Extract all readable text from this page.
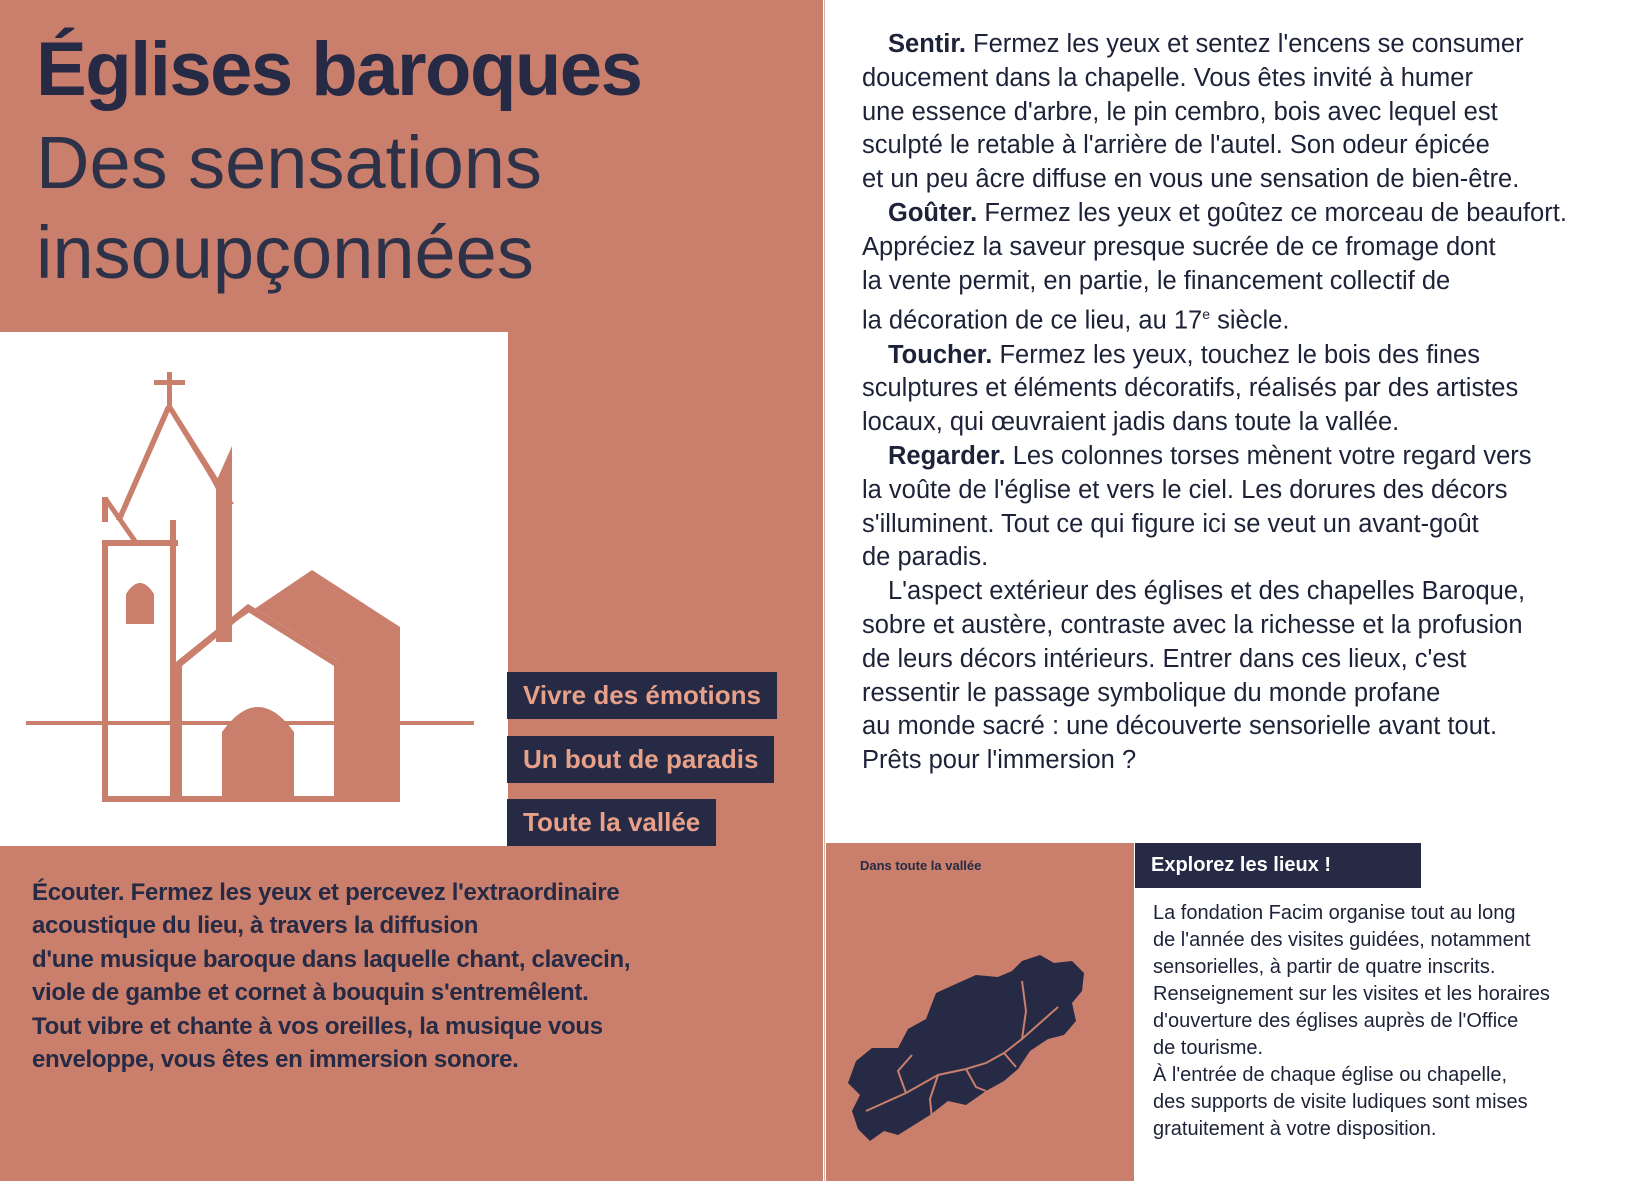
Églises baroques
Des sensations
insoupçonnées
Vivre des émotions
Un bout de paradis
Toute la vallée
Écouter. Fermez les yeux et percevez l'extraordinaire
acoustique du lieu, à travers la diffusion
d'une musique baroque dans laquelle chant, clavecin,
viole de gambe et cornet à bouquin s'entremêlent.
Tout vibre et chante à vos oreilles, la musique vous
enveloppe, vous êtes en immersion sonore.

Sentir. Fermez les yeux et sentez l'encens se consumer

doucement dans la chapelle. Vous êtes invité à humer

une essence d'arbre, le pin cembro, bois avec lequel est

sculpté le retable à l'arrière de l'autel. Son odeur épicée

et un peu âcre diffuse en vous une sensation de bien-être.

Goûter. Fermez les yeux et goûtez ce morceau de beaufort.

Appréciez la saveur presque sucrée de ce fromage dont

la vente permit, en partie, le financement collectif de

la décoration de ce lieu, au 17e siècle.

Toucher. Fermez les yeux, touchez le bois des fines

sculptures et éléments décoratifs, réalisés par des artistes

locaux, qui œuvraient jadis dans toute la vallée.

Regarder. Les colonnes torses mènent votre regard vers

la voûte de l'église et vers le ciel. Les dorures des décors

s'illuminent. Tout ce qui figure ici se veut un avant-goût

de paradis.

L'aspect extérieur des églises et des chapelles Baroque,

sobre et austère, contraste avec la richesse et la profusion

de leurs décors intérieurs. Entrer dans ces lieux, c'est

ressentir le passage symbolique du monde profane

au monde sacré : une découverte sensorielle avant tout.

Prêts pour l'immersion ?

Dans toute la vallée	Explorez les lieux !

La fondation Facim organise tout au long

de l'année des visites guidées, notamment

sensorielles, à partir de quatre inscrits.

Renseignement sur les visites et les horaires

d'ouverture des églises auprès de l'Office

de tourisme.

À l'entrée de chaque église ou chapelle,

des supports de visite ludiques sont mises

gratuitement à votre disposition.
